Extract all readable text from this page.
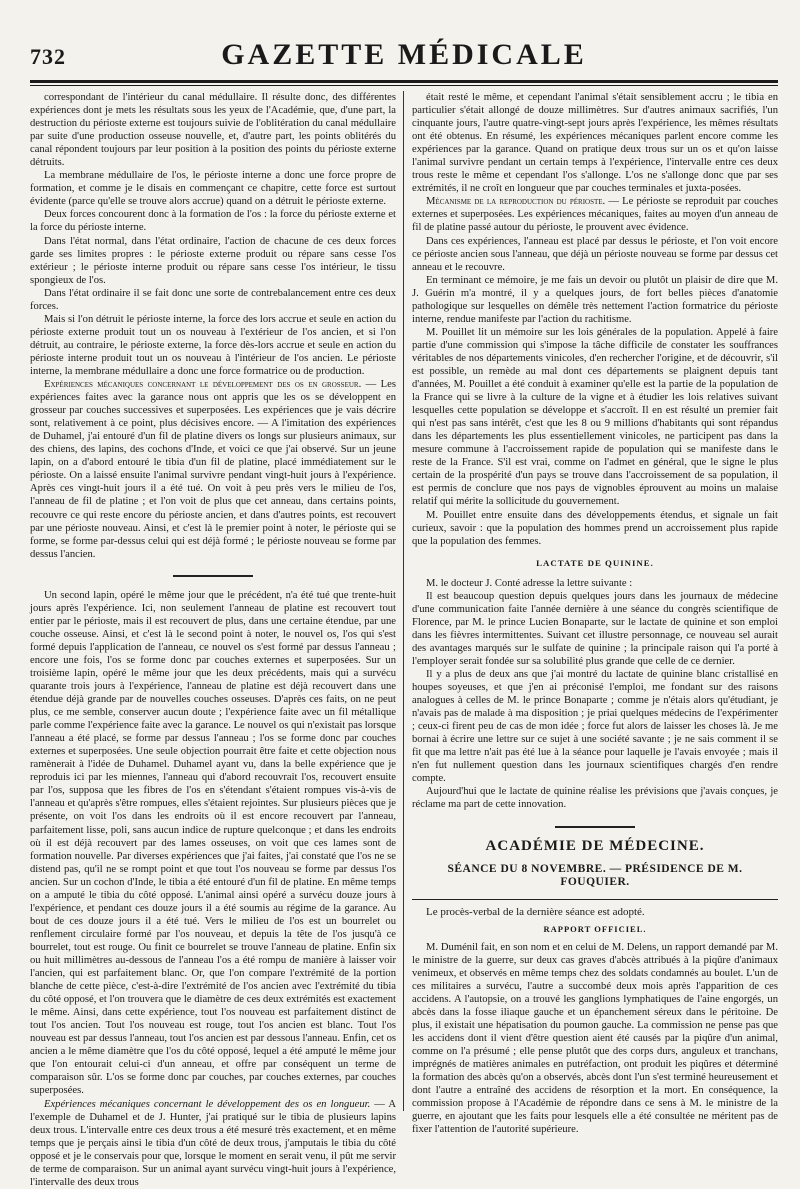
732	GAZETTE MÉDICALE

correspondant de l'intérieur du canal médullaire. Il résulte donc, des différentes expériences dont je mets les résultats sous les yeux de l'Académie, que, d'une part, la destruction du périoste externe est toujours suivie de l'oblitération du canal médullaire par suite d'une production osseuse nouvelle, et, d'autre part, les points oblitérés du canal répondent toujours par leur position à la position des points du périoste externe détruits.

La membrane médullaire de l'os, le périoste interne a donc une force propre de formation, et comme je le disais en commençant ce chapitre, cette force est surtout évidente (parce qu'elle se trouve alors accrue) quand on a détruit le périoste externe.

Deux forces concourent donc à la formation de l'os : la force du périoste externe et la force du périoste interne.

Dans l'état normal, dans l'état ordinaire, l'action de chacune de ces deux forces garde ses limites propres : le périoste externe produit ou répare sans cesse l'os extérieur ; le périoste interne produit ou répare sans cesse l'os intérieur, le tissu spongieux de l'os.

Dans l'état ordinaire il se fait donc une sorte de contrebalancement entre ces deux forces.

Mais si l'on détruit le périoste interne, la force des lors accrue et seule en action du périoste externe produit tout un os nouveau à l'extérieur de l'os ancien, et si l'on détruit, au contraire, le périoste externe, la force dès-lors accrue et seule en action du périoste interne produit tout un os nouveau à l'intérieur de l'os ancien. Le périoste interne, la membrane médullaire a donc une force formatrice ou de production.

Expériences mécaniques concernant le développement des os en grosseur. — Les expériences faites avec la garance nous ont appris que les os se développent en grosseur par couches successives et superposées. Les expériences que je vais décrire sont, relativement à ce point, plus décisives encore. — A l'imitation des expériences de Duhamel, j'ai entouré d'un fil de platine divers os longs sur plusieurs animaux, sur des chiens, des lapins, des cochons d'Inde, et voici ce que j'ai observé. Sur un jeune lapin, on a d'abord entouré le tibia d'un fil de platine, placé immédiatement sur le périoste. On a laissé ensuite l'animal survivre pendant vingt-huit jours à l'expérience. Après ces vingt-huit jours il a été tué. On voit à peu près vers le milieu de l'os, l'anneau de fil de platine ; et l'on voit de plus que cet anneau, dans certains points, recouvre ce qui reste encore du périoste ancien, et dans d'autres points, est recouvert par une périoste nouveau. Ainsi, et c'est là le premier point à noter, le périoste qui se forme, se forme par-dessus celui qui est déjà formé ; le périoste nouveau se forme par dessus l'ancien.

Un second lapin, opéré le même jour que le précédent, n'a été tué que trente-huit jours après l'expérience. Ici, non seulement l'anneau de platine est recouvert tout entier par le périoste, mais il est recouvert de plus, dans une certaine étendue, par une couche osseuse. Ainsi, et c'est là le second point à noter, le nouvel os, l'os qui s'est formé depuis l'application de l'anneau, ce nouvel os s'est formé par dessus l'anneau ; encore une fois, l'os se forme donc par couches externes et superposées. Sur un troisième lapin, opéré le même jour que les deux précédents, mais qui a survécu quarante trois jours à l'expérience, l'anneau de platine est déjà recouvert dans une étendue déjà grande par de nouvelles couches osseuses. D'après ces faits, on ne peut plus, ce me semble, conserver aucun doute ; l'expérience faite avec un fil métallique parle comme l'expérience faite avec la garance. Le nouvel os qui n'existait pas lorsque l'anneau a été placé, se forme par dessus l'anneau ; l'os se forme donc par couches externes et superposées. Une seule objection pourrait être faite et cette objection nous ramènerait à l'idée de Duhamel. Duhamel ayant vu, dans la belle expérience que je reproduis ici par les miennes, l'anneau qui d'abord recouvrait l'os, recouvert ensuite par l'os, supposa que les fibres de l'os en s'étendant s'étaient rompues vis-à-vis de l'anneau et qu'après s'être rompues, elles s'étaient rejointes. Sur plusieurs pièces que je présente, on voit l'os dans les endroits où il est encore recouvert par l'anneau, parfaitement lisse, poli, sans aucun indice de rupture quelconque ; et dans les endroits où il est déjà recouvert par des lames osseuses, on voit que ces lames sont de formation nouvelle. Par diverses expériences que j'ai faites, j'ai constaté que l'os ne se distend pas, qu'il ne se rompt point et que tout l'os nouveau se forme par dessus l'os ancien. Sur un cochon d'Inde, le tibia a été entouré d'un fil de platine. En même temps on a amputé le tibia du côté opposé. L'animal ainsi opéré a survécu douze jours à l'expérience, et pendant ces douze jours il a été soumis au régime de la garance. Au bout de ces douze jours il a été tué. Vers le milieu de l'os est un bourrelet ou renflement circulaire formé par l'os nouveau, et depuis la tête de l'os jusqu'à ce bourrelet, tout est rouge. Ou finit ce bourrelet se trouve l'anneau de platine. Enfin six ou huit millimètres au-dessous de l'anneau l'os a été rompu de manière à laisser voir l'ancien, qui est parfaitement blanc. Or, que l'on compare l'extrémité de la portion blanche de cette pièce, c'est-à-dire l'extrémité de l'os ancien avec l'extrémité du tibia du côté opposé, et l'on trouvera que le diamètre de ces deux extrémités est exactement le même. Ainsi, dans cette expérience, tout l'os nouveau est parfaitement distinct de tout l'os ancien. Tout l'os nouveau est rouge, tout l'os ancien est blanc. Tout l'os nouveau est par dessus l'anneau, tout l'os ancien est par dessous l'anneau. Enfin, cet os ancien a le même diamètre que l'os du côté opposé, lequel a été amputé le même jour que l'on entourait celui-ci d'un anneau, et offre par conséquent un terme de comparaison sûr. L'os se forme donc par couches, par couches externes, par couches superposées.

Expériences mécaniques concernant le développement des os en longueur. — A l'exemple de Duhamel et de J. Hunter, j'ai pratiqué sur le tibia de plusieurs lapins deux trous. L'intervalle entre ces deux trous a été mesuré très exactement, et en même temps que je perçais ainsi le tibia d'un côté de deux trous, j'amputais le tibia du côté opposé et je le conservais pour que, lorsque le moment en serait venu, il pût me servir de terme de comparaison. Sur un animal ayant survécu vingt-huit jours à l'expérience, l'intervalle des deux trous

était resté le même, et cependant l'animal s'était sensiblement accru ; le tibia en particulier s'était allongé de douze millimètres. Sur d'autres animaux sacrifiés, l'un cinquante jours, l'autre quatre-vingt-sept jours après l'expérience, les mêmes résultats ont été obtenus. En résumé, les expériences mécaniques parlent encore comme les expériences par la garance. Quand on pratique deux trous sur un os et qu'on laisse l'animal survivre pendant un certain temps à l'expérience, l'intervalle entre ces deux trous reste le même et cependant l'os s'allonge. L'os ne s'allonge donc que par ses extrémités, il ne croît en longueur que par couches terminales et juxta-posées.

Mécanisme de la reproduction du périoste. — Le périoste se reproduit par couches externes et superposées. Les expériences mécaniques, faites au moyen d'un anneau de fil de platine passé autour du périoste, le prouvent avec évidence.

Dans ces expériences, l'anneau est placé par dessus le périoste, et l'on voit encore ce périoste ancien sous l'anneau, que déjà un périoste nouveau se forme par dessus cet anneau et le recouvre.

En terminant ce mémoire, je me fais un devoir ou plutôt un plaisir de dire que M. J. Guérin m'a montré, il y a quelques jours, de fort belles pièces d'anatomie pathologique sur lesquelles on démêle très nettement l'action formatrice du périoste interne, rendue manifeste par l'action du rachitisme.

M. Pouillet lit un mémoire sur les lois générales de la population. Appelé à faire partie d'une commission qui s'impose la tâche difficile de constater les souffrances véritables de nos départements vinicoles, d'en rechercher l'origine, et de découvrir, s'il est possible, un remède au mal dont ces départements se plaignent depuis tant d'années, M. Pouillet a été conduit à examiner qu'elle est la partie de la population de la France qui se livre à la culture de la vigne et à étudier les lois relatives suivant lesquelles cette population se développe et s'accroît. Il en est résulté un premier fait qui n'est pas sans intérêt, c'est que les 8 ou 9 millions d'habitants qui sont répandus dans les départements les plus essentiellement vinicoles, ne participent pas dans la mesure commune à l'accroissement rapide de population qui se manifeste dans le reste de la France. S'il est vrai, comme on l'admet en général, que le signe le plus certain de la prospérité d'un pays se trouve dans l'accroissement de sa population, il est permis de conclure que nos pays de vignobles éprouvent au moins un malaise relatif qui mérite la sollicitude du gouvernement.

M. Pouillet entre ensuite dans des développements étendus, et signale un fait curieux, savoir : que la population des hommes prend un accroissement plus rapide que la population des femmes.

LACTATE DE QUININE.

M. le docteur J. Conté adresse la lettre suivante :

Il est beaucoup question depuis quelques jours dans les journaux de médecine d'une communication faite l'année dernière à une séance du congrès scientifique de Florence, par M. le prince Lucien Bonaparte, sur le lactate de quinine et son emploi dans les fièvres intermittentes. Suivant cet illustre personnage, ce nouveau sel aurait des avantages marqués sur le sulfate de quinine ; la principale raison qui l'a porté à l'employer serait fondée sur sa solubilité plus grande que celle de ce dernier.

Il y a plus de deux ans que j'ai montré du lactate de quinine blanc cristallisé en houpes soyeuses, et que j'en ai préconisé l'emploi, me fondant sur des raisons analogues à celles de M. le prince Bonaparte ; comme je n'étais alors qu'étudiant, je n'avais pas de malade à ma disposition ; je priai quelques médecins de l'expérimenter ; ceux-ci firent peu de cas de mon idée ; force fut alors de laisser les choses là. Je me bornai à écrire une lettre sur ce sujet à une société savante ; je ne sais comment il se fit que ma lettre n'ait pas été lue à la séance pour laquelle je l'avais envoyée ; mais il n'en fut nullement question dans les journaux scientifiques chargés d'en rendre compte.

Aujourd'hui que le lactate de quinine réalise les prévisions que j'avais conçues, je réclame ma part de cette innovation.

ACADÉMIE DE MÉDECINE.
SÉANCE DU 8 NOVEMBRE. — PRÉSIDENCE DE M. FOUQUIER.

Le procès-verbal de la dernière séance est adopté.

RAPPORT OFFICIEL.

M. Duménil fait, en son nom et en celui de M. Delens, un rapport demandé par M. le ministre de la guerre, sur deux cas graves d'abcès attribués à la piqûre d'animaux venimeux, et observés en même temps chez des soldats condamnés au boulet. L'un de ces militaires a survécu, l'autre a succombé deux mois après l'apparition de ces accidens. A l'autopsie, on a trouvé les ganglions lymphatiques de l'aine engorgés, un abcès dans la fosse iliaque gauche et un épanchement séreux dans le péritoine. De plus, il existait une hépatisation du poumon gauche. La commission ne pense pas que les accidens dont il vient d'être question aient été causés par la piqûre d'un animal, comme on l'a présumé ; elle pense plutôt que des corps durs, anguleux et tranchans, imprégnés de matières animales en putréfaction, ont produit les piqûres et déterminé la formation des abcès qu'on a observés, abcès dont l'un s'est terminé heureusement et dont l'autre a entraîné des accidens de résorption et la mort. En conséquence, la commission propose à l'Académie de répondre dans ce sens à M. le ministre de la guerre, en ajoutant que les faits pour lesquels elle a été consultée ne méritent pas de fixer l'attention de l'autorité supérieure.
